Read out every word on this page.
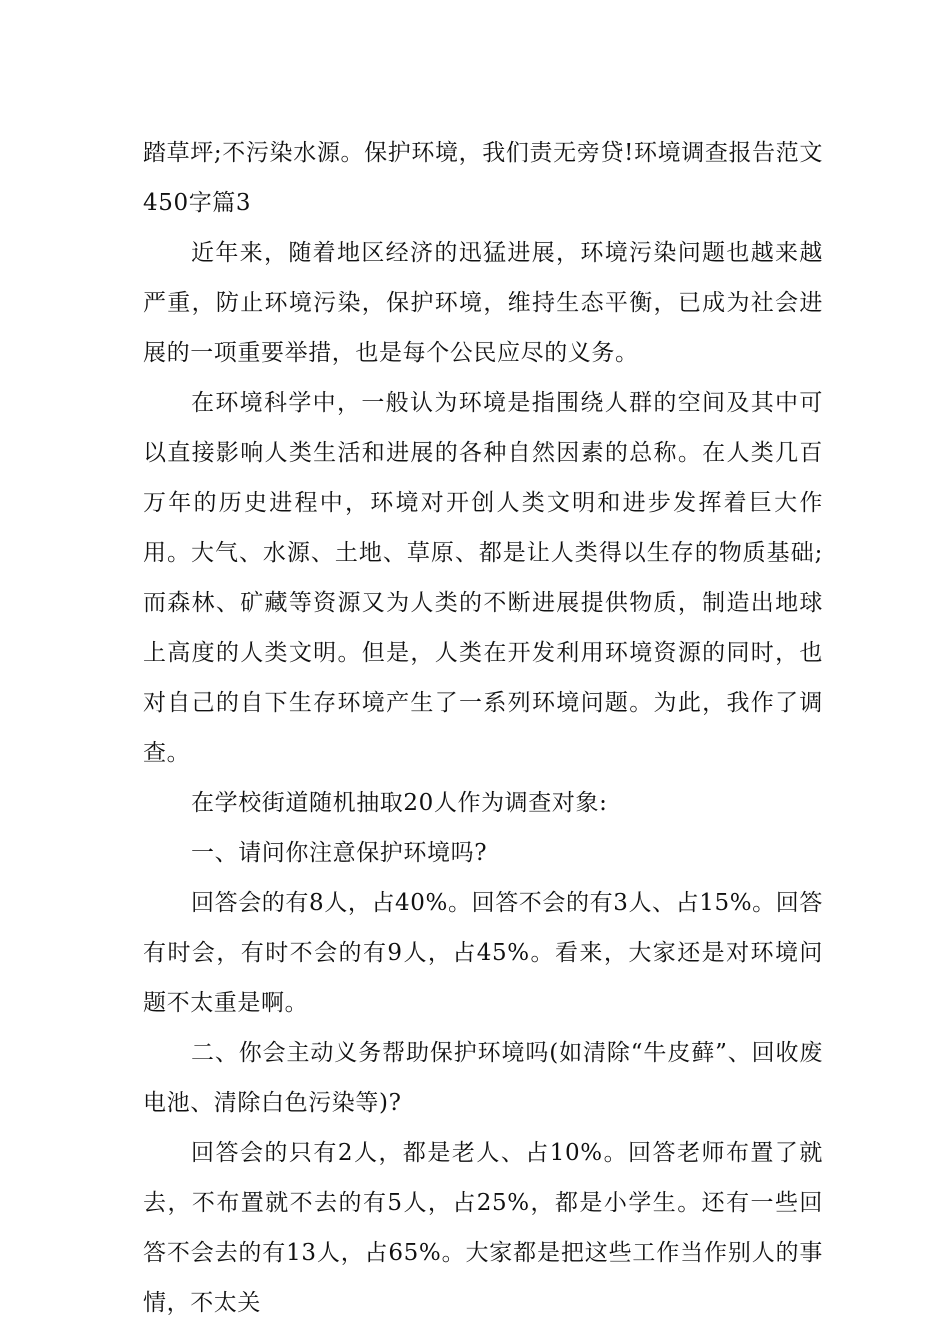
踏草坪;不污染水源。保护环境，我们责无旁贷!环境调查报告范文450字篇3

近年来，随着地区经济的迅猛进展，环境污染问题也越来越严重，防止环境污染，保护环境，维持生态平衡，已成为社会进展的一项重要举措，也是每个公民应尽的义务。

在环境科学中，一般认为环境是指围绕人群的空间及其中可以直接影响人类生活和进展的各种自然因素的总称。在人类几百万年的历史进程中，环境对开创人类文明和进步发挥着巨大作用。大气、水源、土地、草原、都是让人类得以生存的物质基础;而森林、矿藏等资源又为人类的不断进展提供物质，制造出地球上高度的人类文明。但是，人类在开发利用环境资源的同时，也对自己的自下生存环境产生了一系列环境问题。为此，我作了调查。

在学校街道随机抽取20人作为调查对象:

一、请问你注意保护环境吗?

回答会的有8人，占40%。回答不会的有3人、占15%。回答有时会，有时不会的有9人，占45%。看来，大家还是对环境问题不太重是啊。

二、你会主动义务帮助保护环境吗(如清除“牛皮藓”、回收废电池、清除白色污染等)?

回答会的只有2人，都是老人、占10%。回答老师布置了就去，不布置就不去的有5人，占25%，都是小学生。还有一些回答不会去的有13人，占65%。大家都是把这些工作当作别人的事情，不太关
